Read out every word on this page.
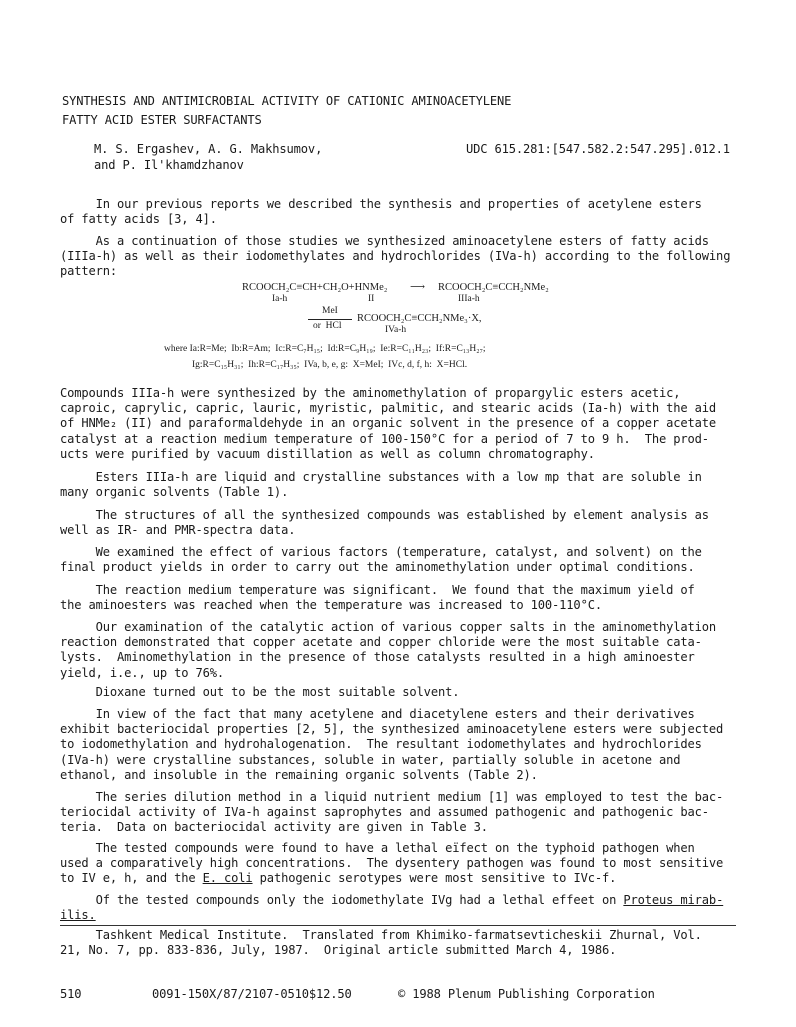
SYNTHESIS AND ANTIMICROBIAL ACTIVITY OF CATIONIC AMINOACETYLENE
FATTY ACID ESTER SURFACTANTS
M. S. Ergashev, A. G. Makhsumov,
and P. Il'khamdzhanov
UDC 615.281:[547.582.2:547.295].012.1
In our previous reports we described the synthesis and properties of acetylene esters
of fatty acids [3, 4].
As a continuation of those studies we synthesized aminoacetylene esters of fatty acids
(IIIa-h) as well as their iodomethylates and hydrochlorides (IVa-h) according to the following
pattern:
RCOOCH₂C≡CH+CH₂O+HNMe₂ ⟶ RCOOCH₂C≡CCH₂NMe₂
Ia-h	II	IIIa-h
MeI
or  HCl
RCOOCH₂C≡CCH₂NMe₃·X,
IVa-h
where Ia:R=Me;  Ib:R=Am;  Ic:R=C₇H₁₅;  Id:R=C₉H₁₉;  Ie:R=C₁₁H₂₃;  If:R=C₁₃H₂₇;
Ig:R=C₁₅H₃₁;  Ih:R=C₁₇H₃₅;  IVa, b, e, g:  X=MeI;  IVc, d, f, h:  X=HCl.
Compounds IIIa-h were synthesized by the aminomethylation of propargylic esters acetic,
caproic, caprylic, capric, lauric, myristic, palmitic, and stearic acids (Ia-h) with the aid
of HNMe₂ (II) and paraformaldehyde in an organic solvent in the presence of a copper acetate
catalyst at a reaction medium temperature of 100-150°C for a period of 7 to 9 h.  The prod-
ucts were purified by vacuum distillation as well as column chromatography.
Esters IIIa-h are liquid and crystalline substances with a low mp that are soluble in
many organic solvents (Table 1).
The structures of all the synthesized compounds was established by element analysis as
well as IR- and PMR-spectra data.
We examined the effect of various factors (temperature, catalyst, and solvent) on the
final product yields in order to carry out the aminomethylation under optimal conditions.
The reaction medium temperature was significant.  We found that the maximum yield of
the aminoesters was reached when the temperature was increased to 100-110°C.
Our examination of the catalytic action of various copper salts in the aminomethylation
reaction demonstrated that copper acetate and copper chloride were the most suitable cata-
lysts.  Aminomethylation in the presence of those catalysts resulted in a high aminoester
yield, i.e., up to 76%.
Dioxane turned out to be the most suitable solvent.
In view of the fact that many acetylene and diacetylene esters and their derivatives
exhibit bacteriocidal properties [2, 5], the synthesized aminoacetylene esters were subjected
to iodomethylation and hydrohalogenation.  The resultant iodomethylates and hydrochlorides
(IVa-h) were crystalline substances, soluble in water, partially soluble in acetone and
ethanol, and insoluble in the remaining organic solvents (Table 2).
The series dilution method in a liquid nutrient medium [1] was employed to test the bac-
teriocidal activity of IVa-h against saprophytes and assumed pathogenic and pathogenic bac-
teria.  Data on bacteriocidal activity are given in Table 3.
The tested compounds were found to have a lethal eïfect on the typhoid pathogen when
used a comparatively high concentrations.  The dysentery pathogen was found to most sensitive
to IV e, h, and the E. coli pathogenic serotypes were most sensitive to IVc-f.
Of the tested compounds only the iodomethylate IVg had a lethal effeet on Proteus mirab-
ilis.
Tashkent Medical Institute.  Translated from Khimiko-farmatsevticheskii Zhurnal, Vol.
21, No. 7, pp. 833-836, July, 1987.  Original article submitted March 4, 1986.
510	0091-150X/87/2107-0510$12.50	© 1988 Plenum Publishing Corporation
